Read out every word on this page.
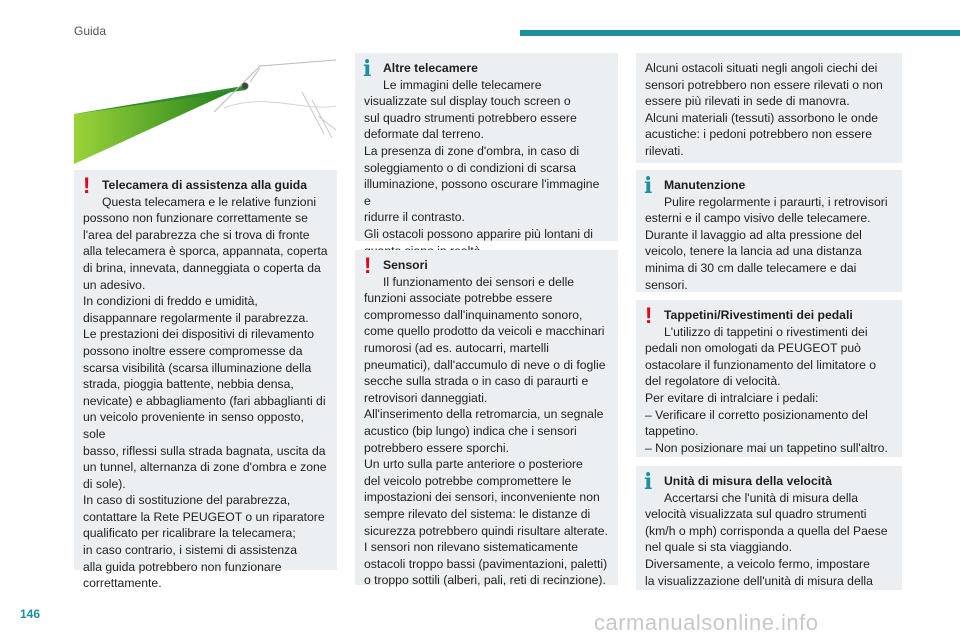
Guida
! Telecamera di assistenza alla guida

Questa telecamera e le relative funzioni

possono non funzionare correttamente se

l'area del parabrezza che si trova di fronte

alla telecamera è sporca, appannata, coperta

di brina, innevata, danneggiata o coperta da

un adesivo.

In condizioni di freddo e umidità,

disappannare regolarmente il parabrezza.

Le prestazioni dei dispositivi di rilevamento

possono inoltre essere compromesse da

scarsa visibilità (scarsa illuminazione della

strada, pioggia battente, nebbia densa,

nevicate) e abbagliamento (fari abbaglianti di

un veicolo proveniente in senso opposto, sole

basso, riflessi sulla strada bagnata, uscita da

un tunnel, alternanza di zone d'ombra e zone

di sole).

In caso di sostituzione del parabrezza,

contattare la Rete PEUGEOT o un riparatore

qualificato per ricalibrare la telecamera;

in caso contrario, i sistemi di assistenza

alla guida potrebbero non funzionare

correttamente.

i Altre telecamere

Le immagini delle telecamere

visualizzate sul display touch screen o

sul quadro strumenti potrebbero essere

deformate dal terreno.

La presenza di zone d'ombra, in caso di

soleggiamento o di condizioni di scarsa

illuminazione, possono oscurare l'immagine e

ridurre il contrasto.

Gli ostacoli possono apparire più lontani di

! Sensori

Il funzionamento dei sensori e delle

funzioni associate potrebbe essere

compromesso dall'inquinamento sonoro,

come quello prodotto da veicoli e macchinari

rumorosi (ad es. autocarri, martelli

pneumatici), dall'accumulo di neve o di foglie

secche sulla strada o in caso di paraurti e

retrovisori danneggiati.

All'inserimento della retromarcia, un segnale

acustico (bip lungo) indica che i sensori

potrebbero essere sporchi.

Un urto sulla parte anteriore o posteriore

del veicolo potrebbe compromettere le

impostazioni dei sensori, inconveniente non

sempre rilevato del sistema: le distanze di

sicurezza potrebbero quindi risultare alterate.

I sensori non rilevano sistematicamente

ostacoli troppo bassi (pavimentazioni, paletti)

o troppo sottili (alberi, pali, reti di recinzione).

Alcuni ostacoli situati negli angoli ciechi dei

sensori potrebbero non essere rilevati o non

essere più rilevati in sede di manovra.

Alcuni materiali (tessuti) assorbono le onde

acustiche: i pedoni potrebbero non essere

rilevati.

i Manutenzione

Pulire regolarmente i paraurti, i retrovisori

esterni e il campo visivo delle telecamere.

Durante il lavaggio ad alta pressione del

veicolo, tenere la lancia ad una distanza

minima di 30 cm dalle telecamere e dai

sensori.

! Tappetini/Rivestimenti dei pedali

L'utilizzo di tappetini o rivestimenti dei

pedali non omologati da PEUGEOT può

ostacolare il funzionamento del limitatore o

del regolatore di velocità.

Per evitare di intralciare i pedali:

– Verificare il corretto posizionamento del

tappetino.

– Non posizionare mai un tappetino sull'altro.

i Unità di misura della velocità

Accertarsi che l'unità di misura della

velocità visualizzata sul quadro strumenti

(km/h o mph) corrisponda a quella del Paese

nel quale si sta viaggiando.

Diversamente, a veicolo fermo, impostare

la visualizzazione dell'unità di misura della

146	carmanualsonline.info
